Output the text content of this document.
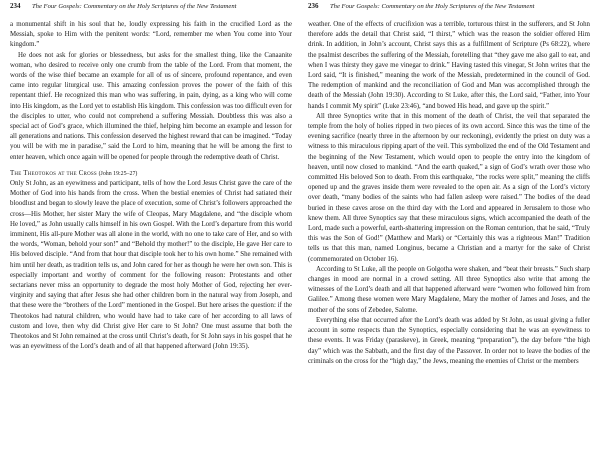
234	The Four Gospels: Commentary on the Holy Scriptures of the New Testament

a monumental shift in his soul that he, loudly expressing his faith in the crucified Lord as the Messiah, spoke to Him with the penitent words: “Lord, remember me when You come into Your kingdom.”

He does not ask for glories or blessedness, but asks for the smallest thing, like the Canaanite woman, who desired to receive only one crumb from the table of the Lord. From that moment, the words of the wise thief became an example for all of us of sincere, profound repentance, and even came into regular liturgical use. This amazing confession proves the power of the faith of this repentant thief. He recognized this man who was suffering, in pain, dying, as a king who will come into His kingdom, as the Lord yet to establish His kingdom. This confession was too difficult even for the disciples to utter, who could not comprehend a suffering Messiah. Doubtless this was also a special act of God’s grace, which illumined the thief, helping him become an example and lesson for all generations and nations. This confession deserved the highest reward that can be imagined. “Today you will be with me in paradise,” said the Lord to him, meaning that he will be among the first to enter heaven, which once again will be opened for people through the redemptive death of Christ.

The Theotokos at the Cross (John 19:25–27)

Only St John, as an eyewitness and participant, tells of how the Lord Jesus Christ gave the care of the Mother of God into his hands from the cross. When the bestial enemies of Christ had satiated their bloodlust and began to slowly leave the place of execution, some of Christ’s followers approached the cross—His Mother, her sister Mary the wife of Cleopas, Mary Magdalene, and “the disciple whom He loved,” as John usually calls himself in his own Gospel. With the Lord’s departure from this world imminent, His all-pure Mother was all alone in the world, with no one to take care of Her, and so with the words, “Woman, behold your son!” and “Behold thy mother!” to the disciple, He gave Her care to His beloved disciple. “And from that hour that disciple took her to his own home.” She remained with him until her death, as tradition tells us, and John cared for her as though he were her own son. This is especially important and worthy of comment for the following reason: Protestants and other sectarians never miss an opportunity to degrade the most holy Mother of God, rejecting her ever-virginity and saying that after Jesus she had other children born in the natural way from Joseph, and that these were the “brothers of the Lord” mentioned in the Gospel. But here arises the question: if the Theotokos had natural children, who would have had to take care of her according to all laws of custom and love, then why did Christ give Her care to St John? One must assume that both the Theotokos and St John remained at the cross until Christ’s death, for St John says in his gospel that he was an eyewitness of the Lord’s death and of all that happened afterward (John 19:35).

236	The Four Gospels: Commentary on the Holy Scriptures of the New Testament

weather. One of the effects of crucifixion was a terrible, torturous thirst in the sufferers, and St John therefore adds the detail that Christ said, “I thirst,” which was the reason the soldier offered Him drink. In addition, in John’s account, Christ says this as a fulfillment of Scripture (Ps 68:22), where the psalmist describes the suffering of the Messiah, foretelling that “they gave me also gall to eat, and when I was thirsty they gave me vinegar to drink.” Having tasted this vinegar, St John writes that the Lord said, “It is finished,” meaning the work of the Messiah, predetermined in the council of God. The redemption of mankind and the reconciliation of God and Man was accomplished through the death of the Messiah (John 19:30). According to St Luke, after this, the Lord said, “Father, into Your hands I commit My spirit” (Luke 23:46), “and bowed His head, and gave up the spirit.”

All three Synoptics write that in this moment of the death of Christ, the veil that separated the temple from the holy of holies ripped in two pieces of its own accord. Since this was the time of the evening sacrifice (nearly three in the afternoon by our reckoning), evidently the priest on duty was a witness to this miraculous ripping apart of the veil. This symbolized the end of the Old Testament and the beginning of the New Testament, which would open to people the entry into the kingdom of heaven, until now closed to mankind. “And the earth quaked,” a sign of God’s wrath over those who committed His beloved Son to death. From this earthquake, “the rocks were split,” meaning the cliffs opened up and the graves inside them were revealed to the open air. As a sign of the Lord’s victory over death, “many bodies of the saints who had fallen asleep were raised.” The bodies of the dead buried in these caves arose on the third day with the Lord and appeared in Jerusalem to those who knew them. All three Synoptics say that these miraculous signs, which accompanied the death of the Lord, made such a powerful, earth-shattering impression on the Roman centurion, that he said, “Truly this was the Son of God!” (Matthew and Mark) or “Certainly this was a righteous Man!” Tradition tells us that this man, named Longinus, became a Christian and a martyr for the sake of Christ (commemorated on October 16).

According to St Luke, all the people on Golgotha were shaken, and “beat their breasts.” Such sharp changes in mood are normal in a crowd setting. All three Synoptics also write that among the witnesses of the Lord’s death and all that happened afterward were “women who followed him from Galilee.” Among these women were Mary Magdalene, Mary the mother of James and Joses, and the mother of the sons of Zebedee, Salome.

Everything else that occurred after the Lord’s death was added by St John, as usual giving a fuller account in some respects than the Synoptics, especially considering that he was an eyewitness to these events. It was Friday (paraskeve), in Greek, meaning “preparation”), the day before “the high day” which was the Sabbath, and the first day of the Passover. In order not to leave the bodies of the criminals on the cross for the “high day,” the Jews, meaning the enemies of Christ or the members
